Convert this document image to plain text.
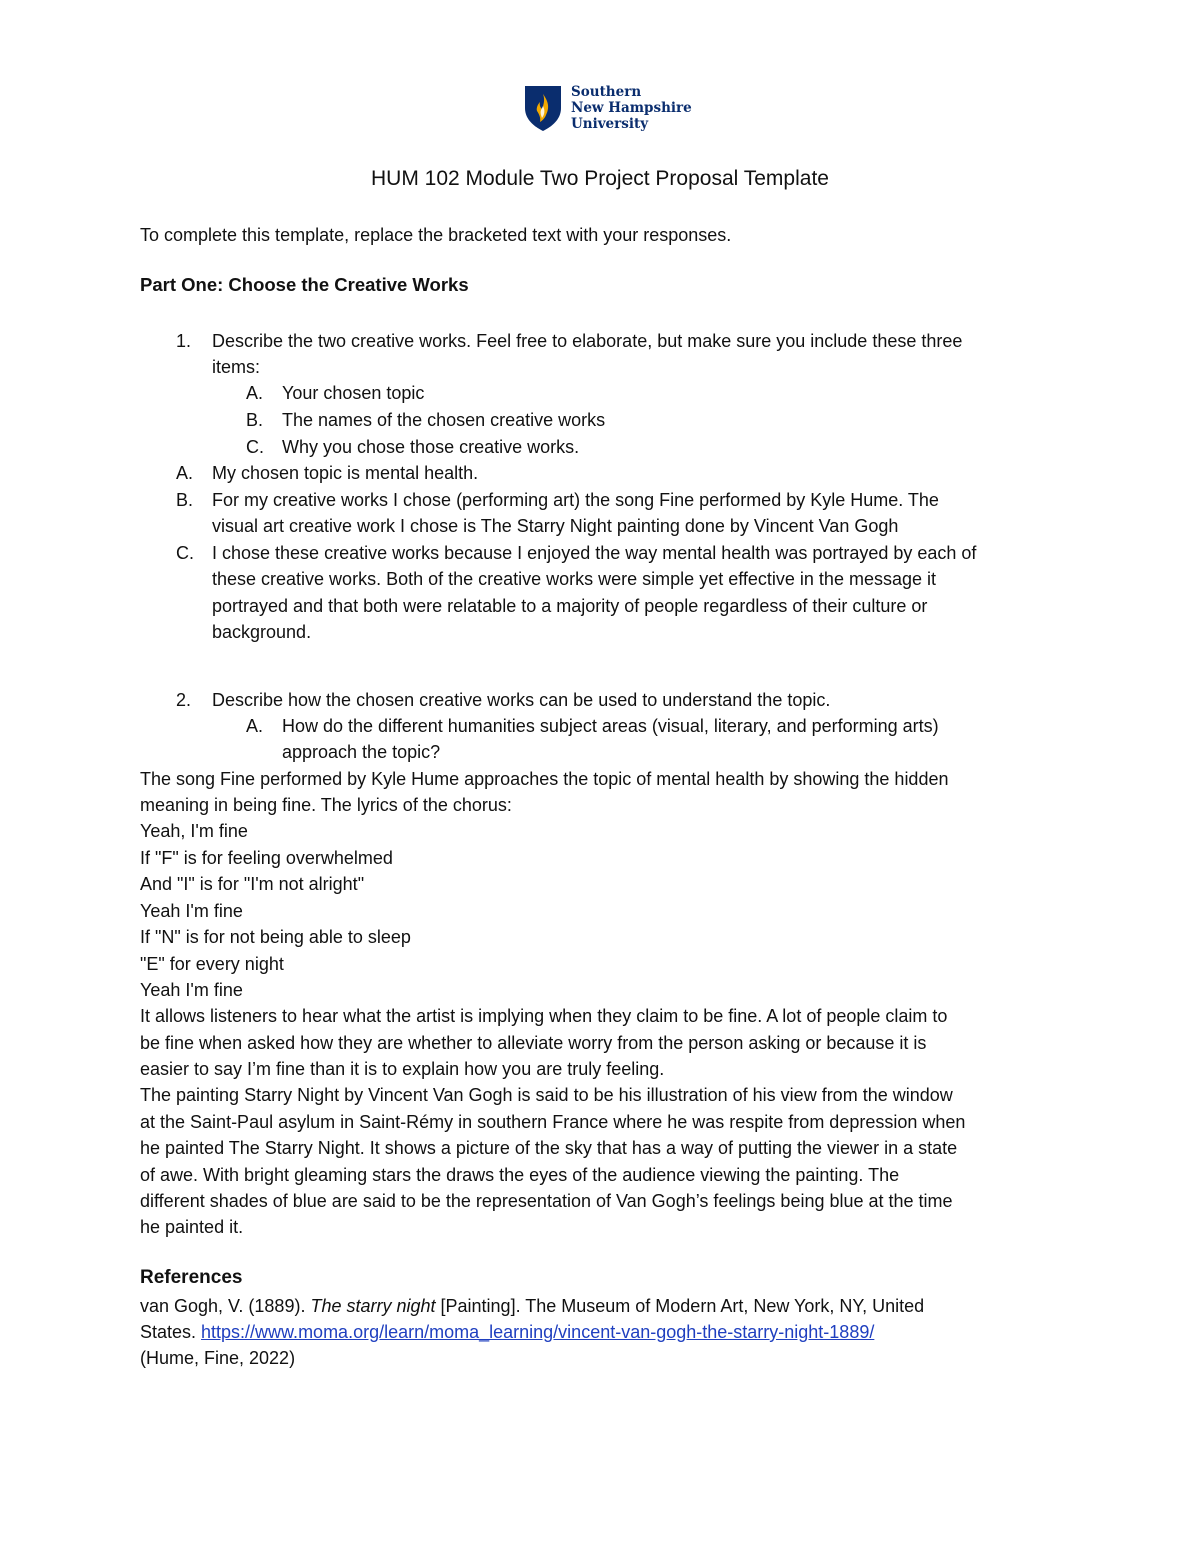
Southern
New Hampshire
University
HUM 102 Module Two Project Proposal Template
To complete this template, replace the bracketed text with your responses.
Part One: Choose the Creative Works
1. Describe the two creative works. Feel free to elaborate, but make sure you include these three
items:
A. Your chosen topic
B. The names of the chosen creative works
C. Why you chose those creative works.
A. My chosen topic is mental health.
B. For my creative works I chose (performing art) the song Fine performed by Kyle Hume. The
visual art creative work I chose is The Starry Night painting done by Vincent Van Gogh
C. I chose these creative works because I enjoyed the way mental health was portrayed by each of
these creative works. Both of the creative works were simple yet effective in the message it
portrayed and that both were relatable to a majority of people regardless of their culture or
background.
2. Describe how the chosen creative works can be used to understand the topic.
A. How do the different humanities subject areas (visual, literary, and performing arts)
approach the topic?
The song Fine performed by Kyle Hume approaches the topic of mental health by showing the hidden
meaning in being fine. The lyrics of the chorus:
Yeah, I'm fine
If "F" is for feeling overwhelmed
And "I" is for "I'm not alright"
Yeah I'm fine
If "N" is for not being able to sleep
"E" for every night
Yeah I'm fine
It allows listeners to hear what the artist is implying when they claim to be fine. A lot of people claim to
be fine when asked how they are whether to alleviate worry from the person asking or because it is
easier to say I’m fine than it is to explain how you are truly feeling.
The painting Starry Night by Vincent Van Gogh is said to be his illustration of his view from the window
at the Saint-Paul asylum in Saint-Rémy in southern France where he was respite from depression when
he painted The Starry Night. It shows a picture of the sky that has a way of putting the viewer in a state
of awe. With bright gleaming stars the draws the eyes of the audience viewing the painting. The
different shades of blue are said to be the representation of Van Gogh’s feelings being blue at the time
he painted it.
References
van Gogh, V. (1889). The starry night [Painting]. The Museum of Modern Art, New York, NY, United
States. https://www.moma.org/learn/moma_learning/vincent-van-gogh-the-starry-night-1889/
(Hume, Fine, 2022)
